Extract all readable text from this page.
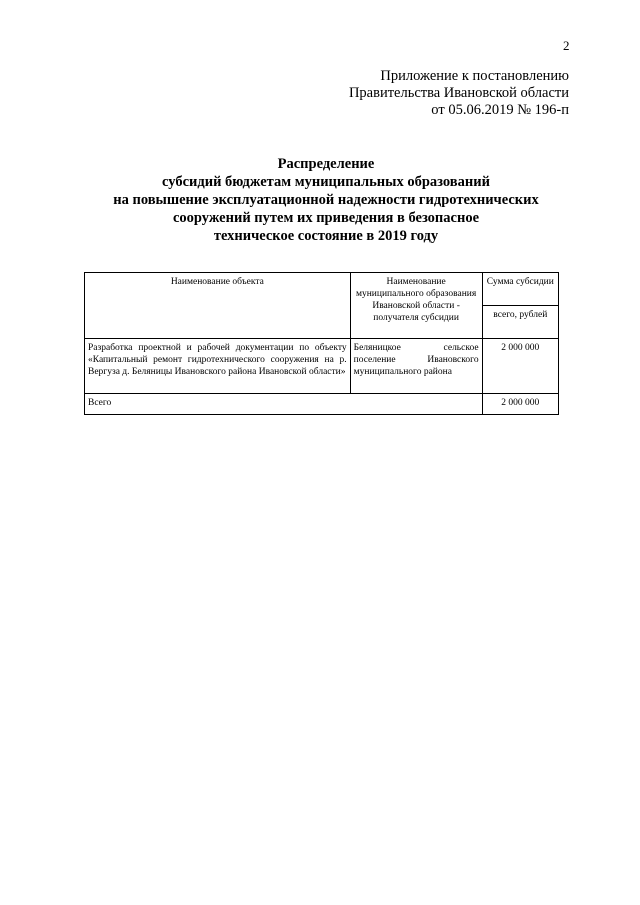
2
Приложение к постановлению
Правительства Ивановской области
от 05.06.2019 № 196-п
Распределение
субсидий бюджетам муниципальных образований
на повышение эксплуатационной надежности гидротехнических
сооружений путем их приведения в безопасное
техническое состояние в 2019 году
Наименование объекта	Наименование муниципального образования Ивановской области - получателя субсидии	Сумма субсидии
		всего, рублей
Разработка проектной и рабочей документации по объекту «Капитальный ремонт гидротехнического сооружения на р. Вергуза д. Беляницы Ивановского района Ивановской области»	Беляницкое сельское поселение Ивановского муниципального района	2 000 000
Всего		2 000 000
